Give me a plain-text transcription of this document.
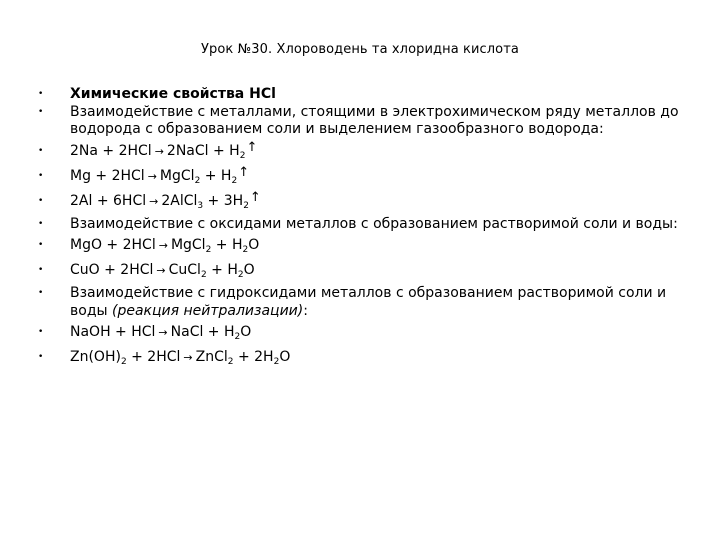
Урок №30. Хлороводень та хлоридна кислота
•	Химические свойства HCl
•	Взаимодействие с металлами, стоящими в электрохимическом ряду металлов до водорода с образованием соли и выделением газообразного водорода:
•	2Na + 2HCl → 2NaCl + $H_2↑$
•	Mg + 2HCl → MgCl$_2$ + $H_2↑$
•	2Al + 6HCl → 2AlCl$_3$ + $3H_2↑$
•	Взаимодействие с оксидами металлов с образованием растворимой соли и воды:
•	MgO + 2HCl → MgCl$_2$ + $H_2O$
•	CuO + 2HCl → CuCl$_2$ + $H_2O$
•	Взаимодействие с гидроксидами металлов с образованием растворимой соли и воды (реакция нейтрализации):
•	NaOH + HCl → NaCl + $H_2O$
•	$Zn(OH)_2 + 2HCl$ → ZnCl$_2$ + $2H_2O$
